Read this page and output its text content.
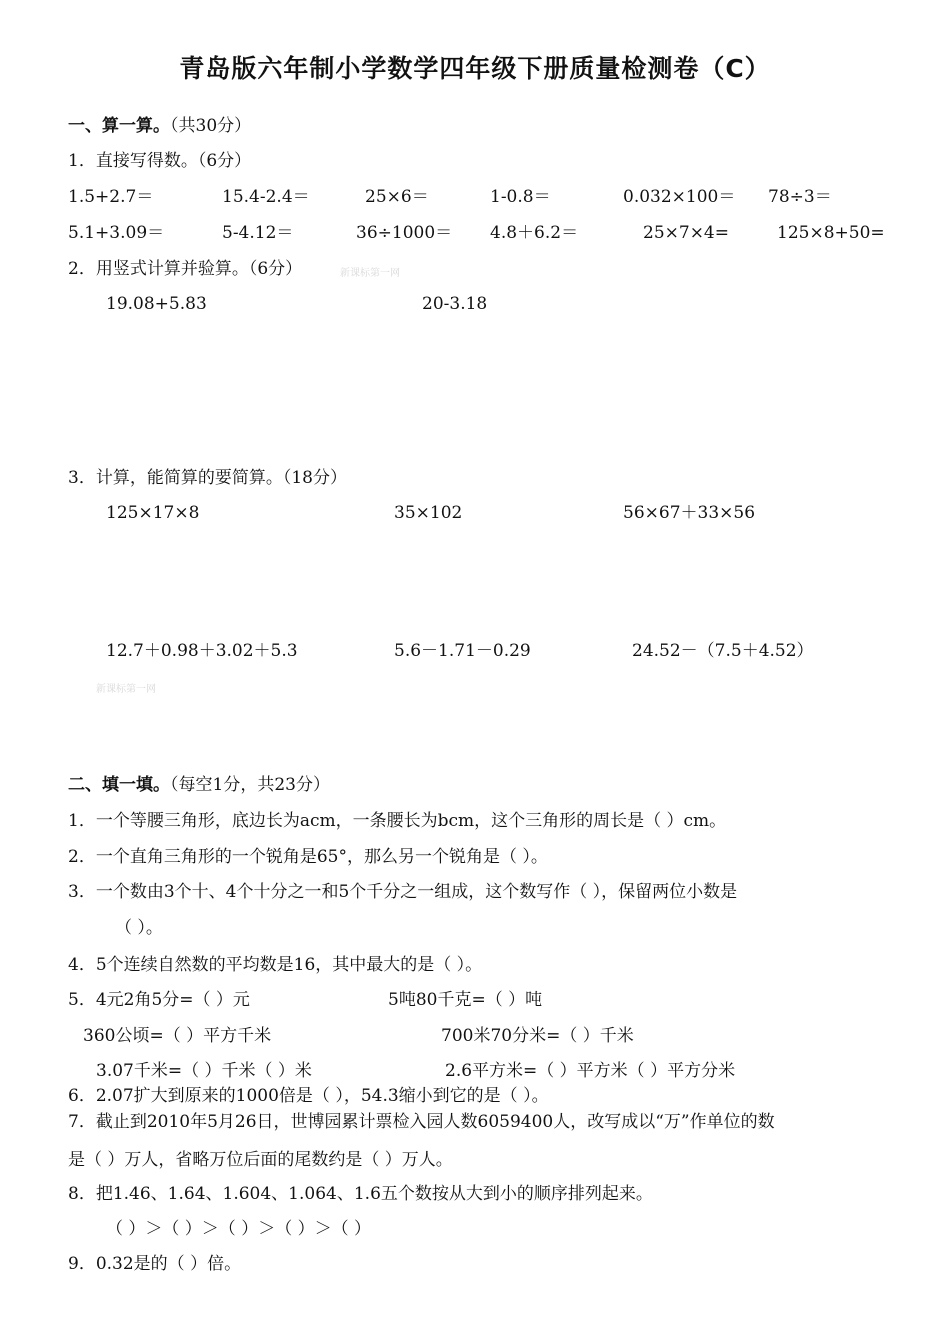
青岛版六年制小学数学四年级下册质量检测卷（C）
一、算一算。（共30分）
1．直接写得数。（6分）
1.5+2.7＝	15.4-2.4＝	25×6＝	1-0.8＝	0.032×100＝ 78÷3＝
5.1+3.09＝	5-4.12＝	36÷1000＝ 4.8＋6.2＝	25×7×4=	125×8+50=
2．用竖式计算并验算。（6分）	新课标第一网
19.08+5.83	20-3.18
3．计算，能简算的要简算。（18分）
125×17×8	35×102	56×67＋33×56
12.7＋0.98＋3.02＋5.3	5.6－1.71－0.29	24.52－（7.5＋4.52）
新课标第一网
二、填一填。（每空1分，共23分）
1．一个等腰三角形，底边长为acm，一条腰长为bcm，这个三角形的周长是（ ）cm。
2．一个直角三角形的一个锐角是65°，那么另一个锐角是（ ）。
3．一个数由3个十、4个十分之一和5个千分之一组成，这个数写作（ ），保留两位小数是
（ ）。
4．5个连续自然数的平均数是16，其中最大的是（ ）。
5．4元2角5分=（ ）元	5吨80千克=（ ）吨
360公顷=（ ）平方千米	700米70分米=（ ）千米
3.07千米=（ ）千米（ ）米	2.6平方米=（ ）平方米（ ）平方分米
6．2.07扩大到原来的1000倍是（ ），54.3缩小到它的是（ ）。
7．截止到2010年5月26日，世博园累计票检入园人数6059400人，改写成以“万”作单位的数
是（ ）万人，省略万位后面的尾数约是（ ）万人。
8．把1.46、1.64、1.604、1.064、1.6五个数按从大到小的顺序排列起来。
（ ）＞（ ）＞（ ）＞（ ）＞（ ）
9．0.32是的（ ）倍。
